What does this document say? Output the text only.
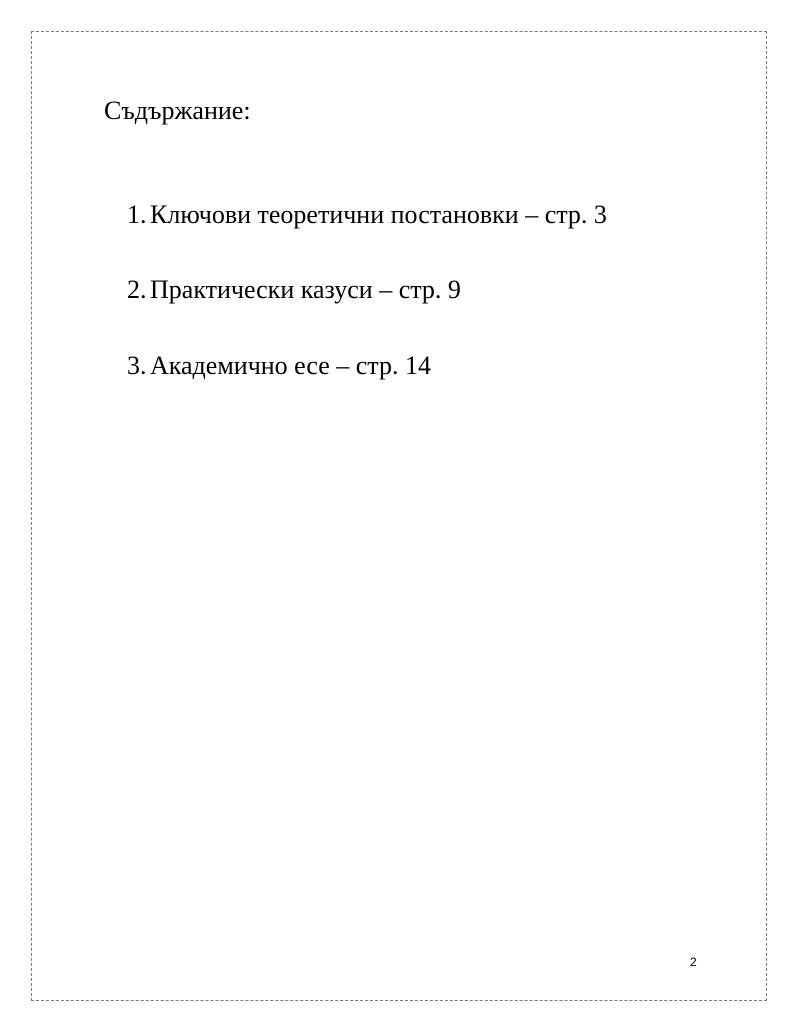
Съдържание:
1. Ключови теоретични постановки – стр. 3
2. Практически казуси – стр. 9
3. Академично есе – стр. 14
2
